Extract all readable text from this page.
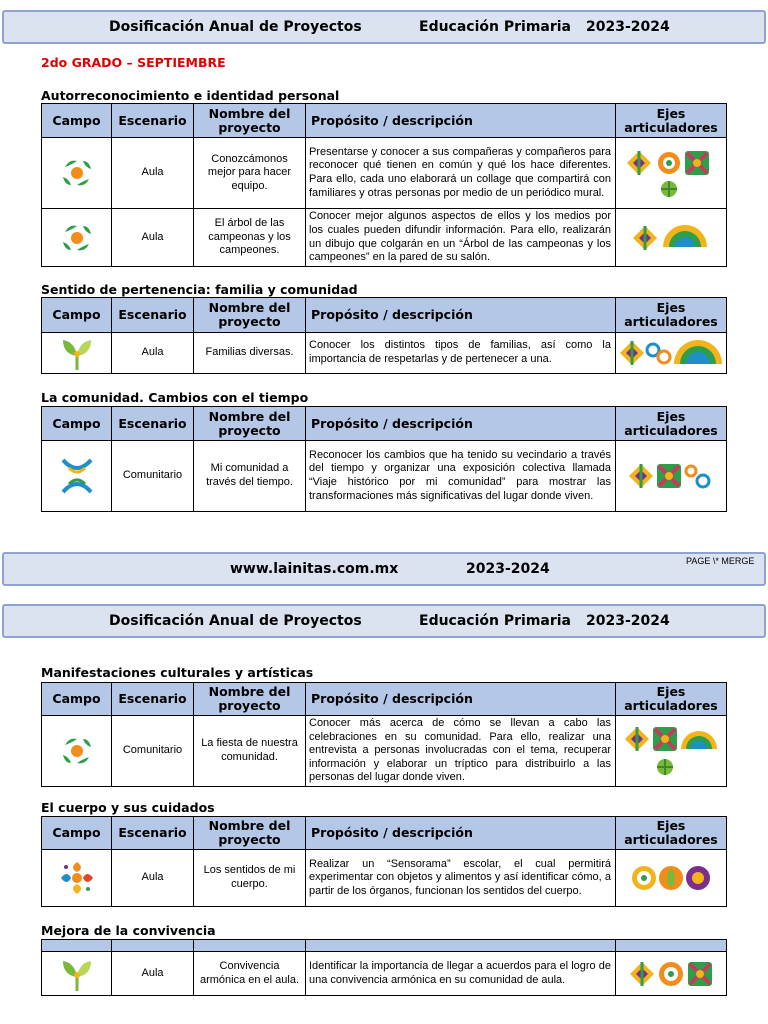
Dosificación Anual de Proyectos	Educación Primaria 2023-2024
2do GRADO – SEPTIEMBRE
Autorreconocimiento e identidad personal
Campo	Escenario	Nombre del proyecto	Propósito / descripción	Ejes articuladores

	Aula	Conozcámonos mejor para hacer equipo.	Presentarse y conocer a sus compañeras y compañeros para reconocer qué tienen en común y qué los hace diferentes. Para ello, cada uno elaborará un collage que compartirá con familiares y otras personas por medio de un periódico mural.	

	Aula	El árbol de las campeonas y los campeones.	Conocer mejor algunos aspectos de ellos y los medios por los cuales pueden difundir información. Para ello, realizarán un dibujo que colgarán en un “Árbol de las campeonas y los campeones” en la pared de su salón.	
Sentido de pertenencia: familia y comunidad
Campo	Escenario	Nombre del proyecto	Propósito / descripción	Ejes articuladores

	Aula	Familias diversas.	Conocer los distintos tipos de familias, así como la importancia de respetarlas y de pertenecer a una.	
La comunidad. Cambios con el tiempo
Campo	Escenario	Nombre del proyecto	Propósito / descripción	Ejes articuladores

	Comunitario	Mi comunidad a través del tiempo.	Reconocer los cambios que ha tenido su vecindario a través del tiempo y organizar una exposición colectiva llamada “Viaje histórico por mi comunidad” para mostrar las transformaciones más significativas del lugar donde viven.	
www.lainitas.com.mx	2023-2024	PAGE \* MERGE
Dosificación Anual de Proyectos	Educación Primaria 2023-2024
Manifestaciones culturales y artísticas
Campo	Escenario	Nombre del proyecto	Propósito / descripción	Ejes articuladores

	Comunitario	La fiesta de nuestra comunidad.	Conocer más acerca de cómo se llevan a cabo las celebraciones en su comunidad. Para ello, realizar una entrevista a personas involucradas con el tema, recuperar información y elaborar un tríptico para distribuirlo a las personas del lugar donde viven.	
El cuerpo y sus cuidados
Campo	Escenario	Nombre del proyecto	Propósito / descripción	Ejes articuladores

	Aula	Los sentidos de mi cuerpo.	Realizar un “Sensorama” escolar, el cual permitirá experimentar con objetos y alimentos y así identificar cómo, a partir de los órganos, funcionan los sentidos del cuerpo.	
Mejora de la convivencia

	Aula	Convivencia armónica en el aula.	Identificar la importancia de llegar a acuerdos para el logro de una convivencia armónica en su comunidad de aula.	
